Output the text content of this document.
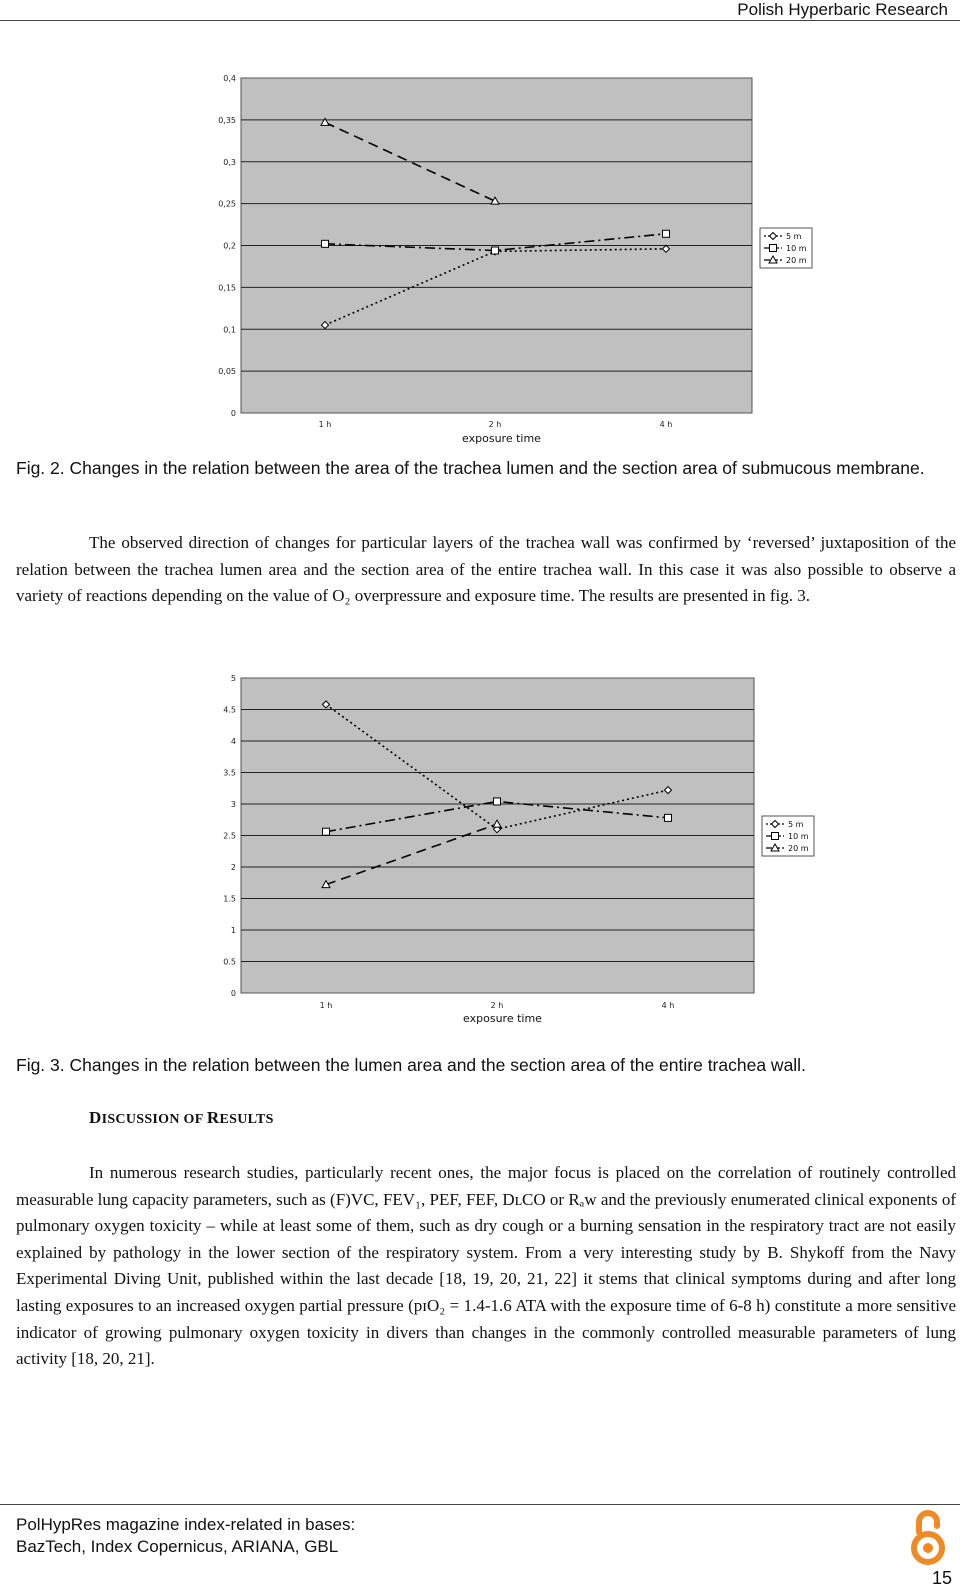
Polish Hyperbaric Research
0
0,05
0,1
0,15
0,2
0,25
0,3
0,35
0,4
1 h	2 h	4 h
exposure time
5 m
10 m
20 m
Fig. 2. Changes in the relation between the area of the trachea lumen and the section area of submucous membrane.
The observed direction of changes for particular layers of the trachea wall was confirmed by ‘reversed’ juxtaposition of the relation between the trachea lumen area and the section area of the entire trachea wall. In this case it was also possible to observe a variety of reactions depending on the value of O₂ overpressure and exposure time. The results are presented in fig. 3.
0
0.5
1
1.5
2
2.5
3
3.5
4
4.5
5
1 h	2 h	4 h
exposure time
5 m
10 m
20 m
Fig. 3. Changes in the relation between the lumen area and the section area of the entire trachea wall.
DISCUSSION OF RESULTS
In numerous research studies, particularly recent ones, the major focus is placed on the correlation of routinely controlled measurable lung capacity parameters, such as (F)VC, FEV₁, PEF, FEF, DʟCO or Rₐw and the previously enumerated clinical exponents of pulmonary oxygen toxicity – while at least some of them, such as dry cough or a burning sensation in the respiratory tract are not easily explained by pathology in the lower section of the respiratory system. From a very interesting study by B. Shykoff from the Navy Experimental Diving Unit, published within the last decade [18, 19, 20, 21, 22] it stems that clinical symptoms during and after long lasting exposures to an increased oxygen partial pressure (pɪO₂ = 1.4-1.6 ATA with the exposure time of 6-8 h) constitute a more sensitive indicator of growing pulmonary oxygen toxicity in divers than changes in the commonly controlled measurable parameters of lung activity [18, 20, 21].
PolHypRes magazine index-related in bases:
BazTech, Index Copernicus, ARIANA, GBL
15
